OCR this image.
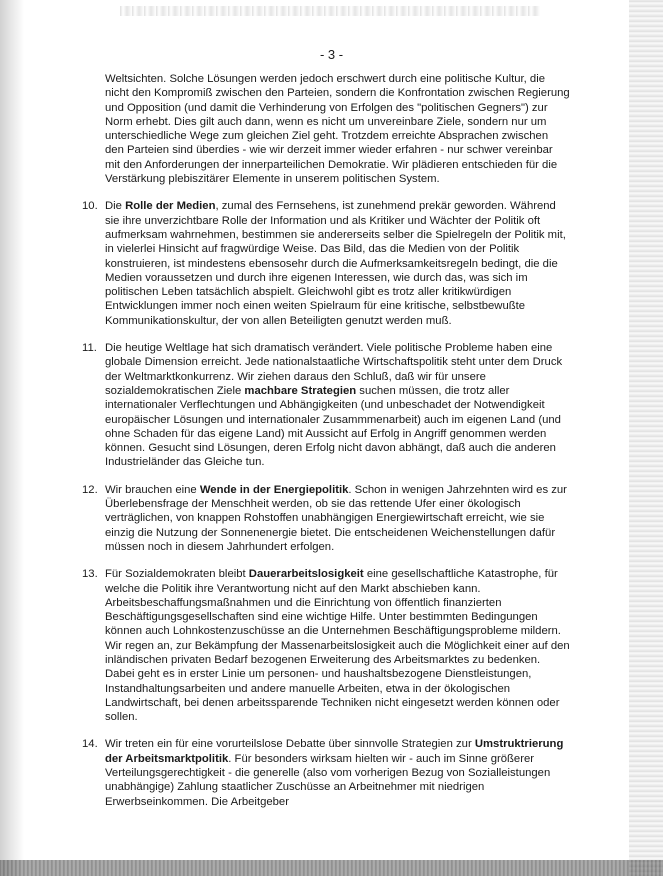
- 3 -

Weltsichten. Solche Lösungen werden jedoch erschwert durch eine politische Kultur, die nicht den Kompromiß zwischen den Parteien, sondern die Konfrontation zwischen Regierung und Opposition (und damit die Verhinderung von Erfolgen des "politischen Gegners") zur Norm erhebt. Dies gilt auch dann, wenn es nicht um unvereinbare Ziele, sondern nur um unterschiedliche Wege zum gleichen Ziel geht. Trotzdem erreichte Absprachen zwischen den Parteien sind überdies - wie wir derzeit immer wieder erfahren - nur schwer vereinbar mit den Anforderungen der innerparteilichen Demokratie. Wir plädieren entschieden für die Verstärkung plebiszitärer Elemente in unserem politischen System.

10. Die Rolle der Medien, zumal des Fernsehens, ist zunehmend prekär geworden. Während sie ihre unverzichtbare Rolle der Information und als Kritiker und Wächter der Politik oft aufmerksam wahrnehmen, bestimmen sie andererseits selber die Spielregeln der Politik mit, in vielerlei Hinsicht auf fragwürdige Weise. Das Bild, das die Medien von der Politik konstruieren, ist mindestens ebensosehr durch die Aufmerksamkeitsregeln bedingt, die die Medien voraussetzen und durch ihre eigenen Interessen, wie durch das, was sich im politischen Leben tatsächlich abspielt. Gleichwohl gibt es trotz aller kritikwürdigen Entwicklungen immer noch einen weiten Spielraum für eine kritische, selbstbewußte Kommunikationskultur, der von allen Beteiligten genutzt werden muß.

11. Die heutige Weltlage hat sich dramatisch verändert. Viele politische Probleme haben eine globale Dimension erreicht. Jede nationalstaatliche Wirtschaftspolitik steht unter dem Druck der Weltmarktkonkurrenz. Wir ziehen daraus den Schluß, daß wir für unsere sozialdemokratischen Ziele machbare Strategien suchen müssen, die trotz aller internationaler Verflechtungen und Abhängigkeiten (und unbeschadet der Notwendigkeit europäischer Lösungen und internationaler Zusammmenarbeit) auch im eigenen Land (und ohne Schaden für das eigene Land) mit Aussicht auf Erfolg in Angriff genommen werden können. Gesucht sind Lösungen, deren Erfolg nicht davon abhängt, daß auch die anderen Industrieländer das Gleiche tun.

12. Wir brauchen eine Wende in der Energiepolitik. Schon in wenigen Jahrzehnten wird es zur Überlebensfrage der Menschheit werden, ob sie das rettende Ufer einer ökologisch verträglichen, von knappen Rohstoffen unabhängigen Energiewirtschaft erreicht, wie sie einzig die Nutzung der Sonnenenergie bietet. Die entscheidenen Weichenstellungen dafür müssen noch in diesem Jahrhundert erfolgen.

13. Für Sozialdemokraten bleibt Dauerarbeitslosigkeit eine gesellschaftliche Katastrophe, für welche die Politik ihre Verantwortung nicht auf den Markt abschieben kann. Arbeitsbeschaffungsmaßnahmen und die Einrichtung von öffentlich finanzierten Beschäftigungsgesellschaften sind eine wichtige Hilfe. Unter bestimmten Bedingungen können auch Lohnkostenzuschüsse an die Unternehmen Beschäftigungsprobleme mildern. Wir regen an, zur Bekämpfung der Massenarbeitslosigkeit auch die Möglichkeit einer auf den inländischen privaten Bedarf bezogenen Erweiterung des Arbeitsmarktes zu bedenken. Dabei geht es in erster Linie um personen- und haushaltsbezogene Dienstleistungen, Instandhaltungsarbeiten und andere manuelle Arbeiten, etwa in der ökologischen Landwirtschaft, bei denen arbeitssparende Techniken nicht eingesetzt werden können oder sollen.

14. Wir treten ein für eine vorurteilslose Debatte über sinnvolle Strategien zur Umstruktrierung der Arbeitsmarktpolitik. Für besonders wirksam hielten wir - auch im Sinne größerer Verteilungsgerechtigkeit - die generelle (also vom vorherigen Bezug von Sozialleistungen unabhängige) Zahlung staatlicher Zuschüsse an Arbeitnehmer mit niedrigen Erwerbseinkommen. Die Arbeitgeber
